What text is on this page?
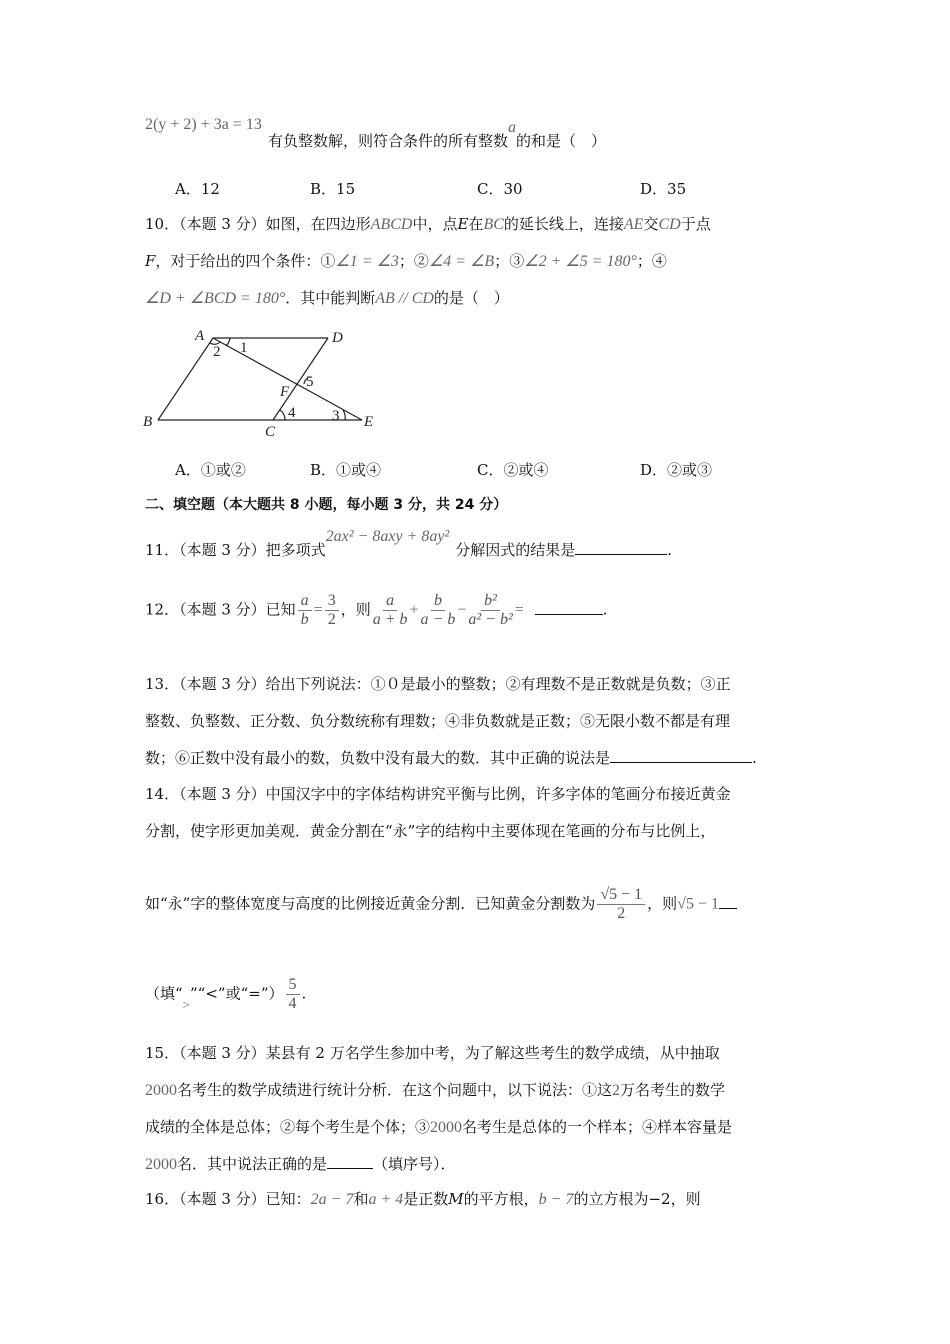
2(y + 2) + 3a = 13
有负整数解，则符合条件的所有整数a的和是（　）
A．12	B．15	C．30	D．35
10．（本题 3 分）如图，在四边形ABCD中，点E在BC的延长线上，连接AE交CD于点
F，对于给出的四个条件：①∠1 = ∠3；②∠4 = ∠B；③∠2 + ∠5 = 180°；④
∠D + ∠BCD = 180°．其中能判断AB // CD的是（　）
A	D
B
C
E
F
1
2
3
4
5
A．①或②	B．①或④	C．②或④	D．②或③
二、填空题（本大题共 8 小题，每小题 3 分，共 24 分）
11．（本题 3 分）把多项式2ax² − 8axy + 8ay²分解因式的结果是	.
12．（本题 3 分）已知 $\frac{a}{b} = \frac{3}{2}$ ，则 $\frac{a}{a + b} + \frac{b}{a - b} - \frac{\text{b²}}{\text{a² − b²}}$ =	.
13．（本题 3 分）给出下列说法：①０是最小的整数；②有理数不是正数就是负数；③正
整数、负整数、正分数、负分数统称有理数；④非负数就是正数；⑤无限小数不都是有理
数；⑥正数中没有最小的数，负数中没有最大的数．其中正确的说法是	.
14．（本题 3 分）中国汉字中的字体结构讲究平衡与比例，许多字体的笔画分布接近黄金
分割，使字形更加美观．黄金分割在“永”字的结构中主要体现在笔画的分布与比例上，
如“永”字的整体宽度与高度的比例接近黄金分割．已知黄金分割数为 $\frac{√5 - 1}{2}$ ，则√5 − 1
（填“>”“<”或“=”） $\frac{5}{4}$ .
15．（本题 3 分）某县有 2 万名学生参加中考，为了解这些考生的数学成绩，从中抽取
2000名考生的数学成绩进行统计分析．在这个问题中，以下说法：①这2万名考生的数学
成绩的全体是总体；②每个考生是个体；③2000名考生是总体的一个样本；④样本容量是
2000名．其中说法正确的是	（填序号）．
16．（本题 3 分）已知：2a − 7和a + 4是正数M的平方根，b − 7的立方根为−2，则
